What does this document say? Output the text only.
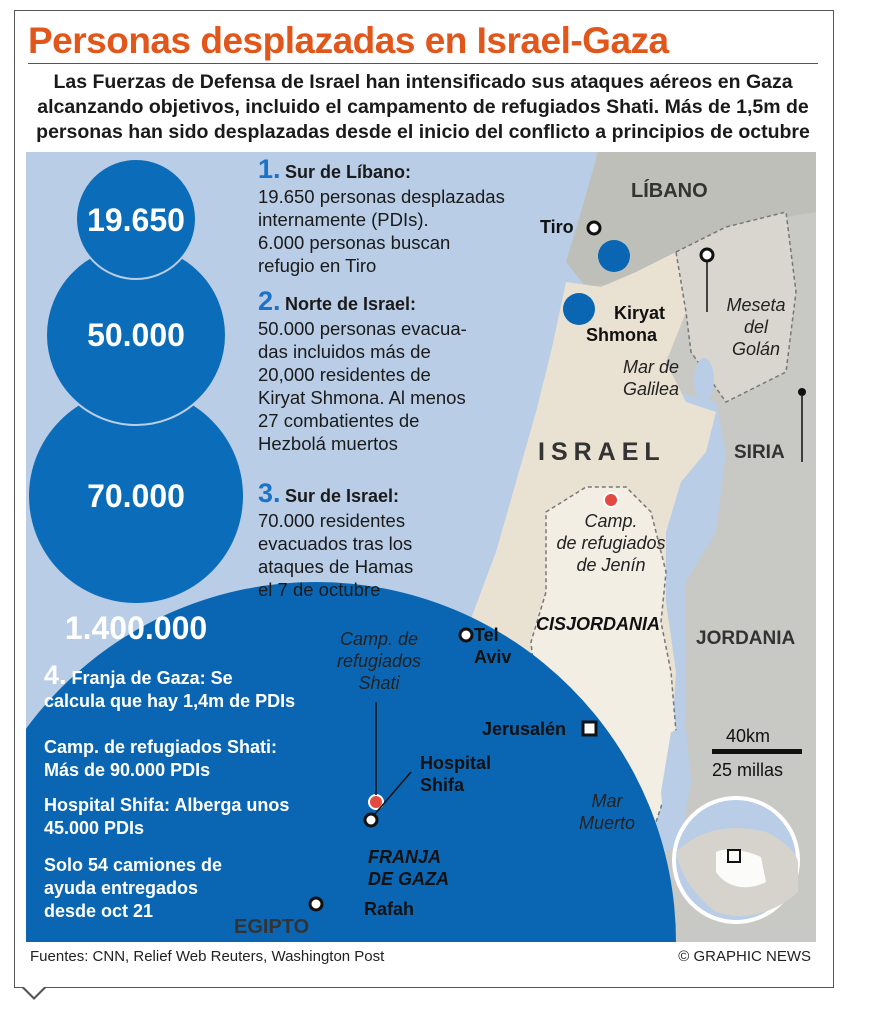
Personas desplazadas en Israel-Gaza
Las Fuerzas de Defensa de Israel han intensificado sus ataques aéreos en Gaza alcanzando objetivos, incluido el campamento de refugiados Shati. Más de 1,5m de personas han sido desplazadas desde el inicio del conflicto a principios de octubre
19.650
50.000
70.000
1.400.000
1. Sur de Líbano:
19.650 personas desplazadas
internamente (PDIs).
6.000 personas buscan
refugio en Tiro
2. Norte de Israel:
50.000 personas evacua-
das incluidos más de
20,000 residentes de
Kiryat Shmona. Al menos
27 combatientes de
Hezbolá muertos
3. Sur de Israel:
70.000 residentes
evacuados tras los
ataques de Hamas
el 7 de octubre
4. Franja de Gaza: Se
calcula que hay 1,4m de PDIs
Camp. de refugiados Shati:
Más de 90.000 PDIs
Hospital Shifa: Alberga unos
45.000 PDIs
Solo 54 camiones de
ayuda entregados
desde oct 21
LÍBANO
ISRAEL	SIRIA
JORDANIA
EGIPTO
CISJORDANIA
FRANJA
DE GAZA
Tiro
Kiryat
Shmona
Tel
Aviv
Jerusalén
Hospital
Shifa
Rafah
Meseta
del
Golán
Mar de
Galilea
Camp.
de refugiados
de Jenín
Camp. de
refugiados
Shati
Mar
Muerto
40km
25 millas
Fuentes: CNN, Relief Web Reuters, Washington Post	© GRAPHIC NEWS
